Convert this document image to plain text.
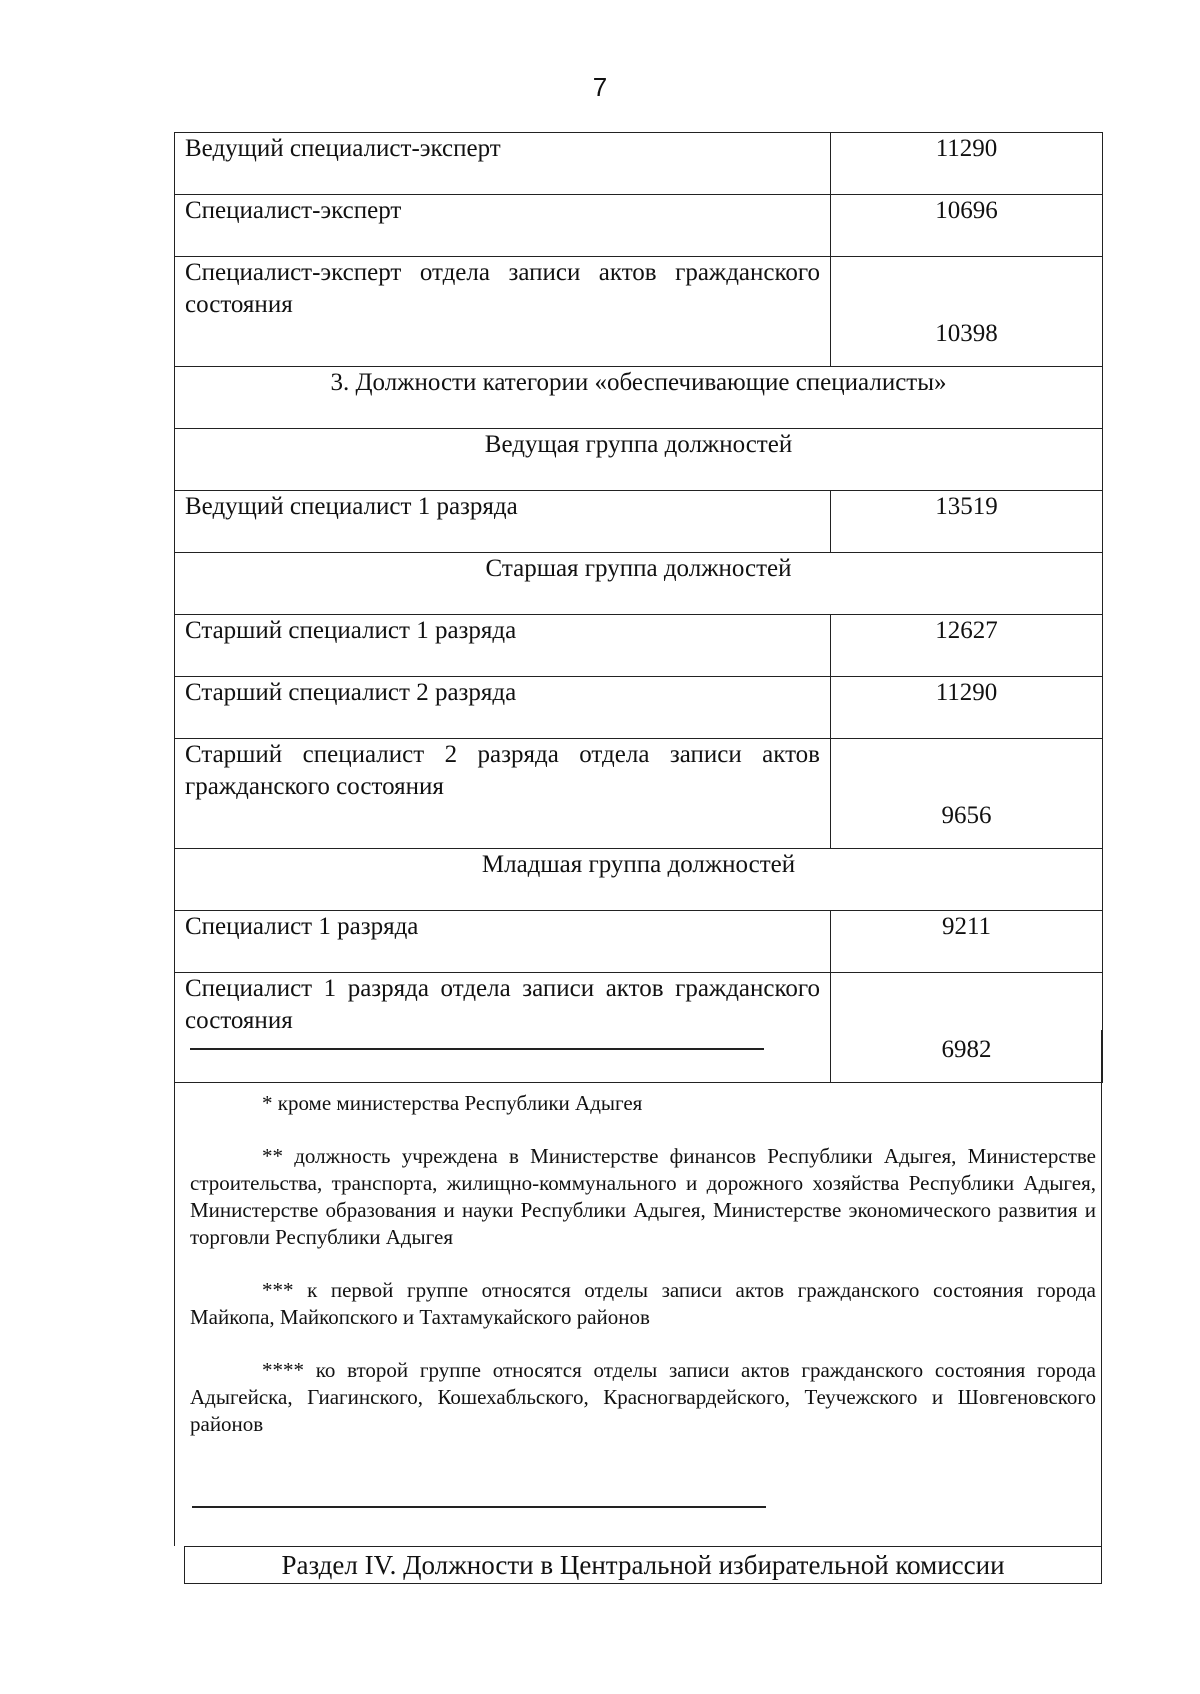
7
Ведущий специалист-эксперт	11290
Специалист-эксперт	10696
Специалист-эксперт отдела записи актов гражданского состояния	10398
3. Должности категории «обеспечивающие специалисты»	
Ведущая группа должностей	
Ведущий специалист 1 разряда	13519
Старшая группа должностей	
Старший специалист 1 разряда	12627
Старший специалист 2 разряда	11290
Старший специалист 2 разряда отдела записи актов гражданского состояния	9656
Младшая группа должностей	
Специалист 1 разряда	9211
Специалист 1 разряда отдела записи актов гражданского состояния	6982

* кроме министерства Республики Адыгея

** должность учреждена в Министерстве финансов Республики Адыгея, Министерстве строительства, транспорта, жилищно-коммунального и дорожного хозяйства Республики Адыгея, Министерстве образования и науки Республики Адыгея, Министерстве экономического развития и торговли Республики Адыгея

*** к первой группе относятся отделы записи актов гражданского состояния города Майкопа, Майкопского и Тахтамукайского районов

**** ко второй группе относятся отделы записи актов гражданского состояния города Адыгейска, Гиагинского, Кошехабльского, Красногвардейского, Теучежского и Шовгеновского районов

Раздел IV. Должности в Центральной избирательной комиссии
